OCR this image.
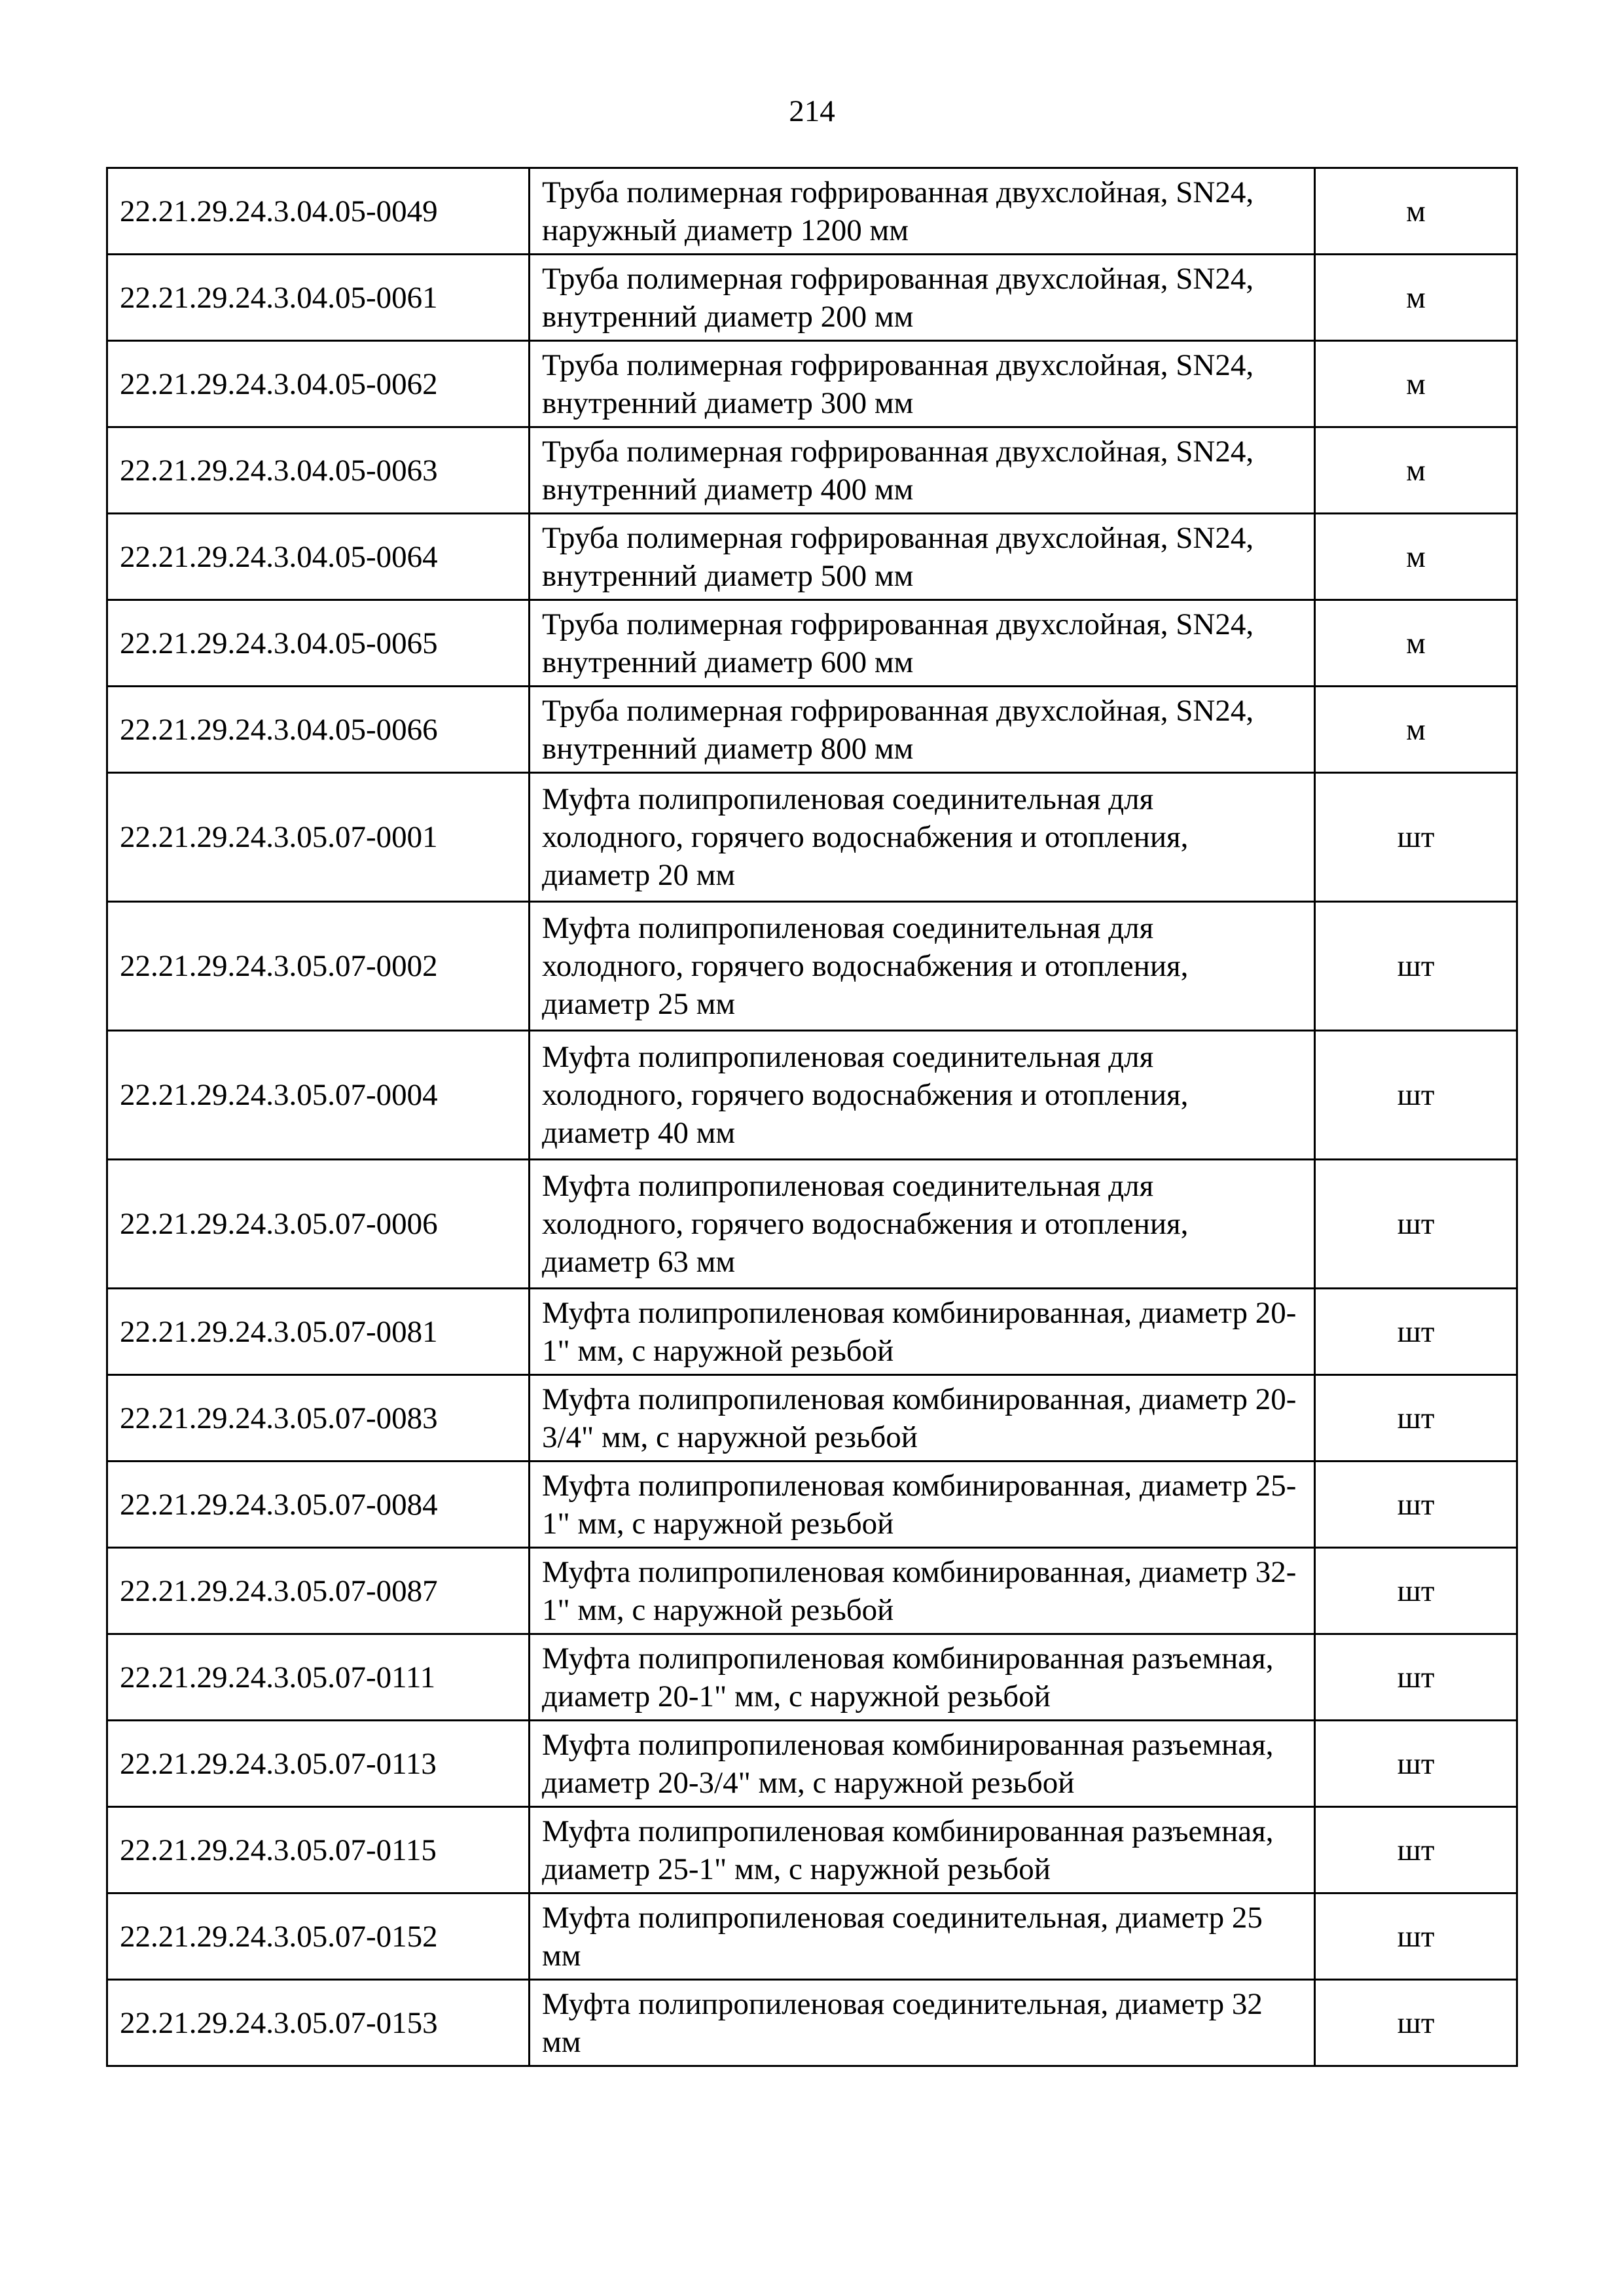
214
22.21.29.24.3.04.05-0049	Труба полимерная гофрированная двухслойная, SN24, наружный диаметр 1200 мм	м
22.21.29.24.3.04.05-0061	Труба полимерная гофрированная двухслойная, SN24, внутренний диаметр 200 мм	м
22.21.29.24.3.04.05-0062	Труба полимерная гофрированная двухслойная, SN24, внутренний диаметр 300 мм	м
22.21.29.24.3.04.05-0063	Труба полимерная гофрированная двухслойная, SN24, внутренний диаметр 400 мм	м
22.21.29.24.3.04.05-0064	Труба полимерная гофрированная двухслойная, SN24, внутренний диаметр 500 мм	м
22.21.29.24.3.04.05-0065	Труба полимерная гофрированная двухслойная, SN24, внутренний диаметр 600 мм	м
22.21.29.24.3.04.05-0066	Труба полимерная гофрированная двухслойная, SN24, внутренний диаметр 800 мм	м
22.21.29.24.3.05.07-0001	Муфта полипропиленовая соединительная для холодного, горячего водоснабжения и отопления, диаметр 20 мм	шт
22.21.29.24.3.05.07-0002	Муфта полипропиленовая соединительная для холодного, горячего водоснабжения и отопления, диаметр 25 мм	шт
22.21.29.24.3.05.07-0004	Муфта полипропиленовая соединительная для холодного, горячего водоснабжения и отопления, диаметр 40 мм	шт
22.21.29.24.3.05.07-0006	Муфта полипропиленовая соединительная для холодного, горячего водоснабжения и отопления, диаметр 63 мм	шт
22.21.29.24.3.05.07-0081	Муфта полипропиленовая комбинированная, диаметр 20-1" мм, с наружной резьбой	шт
22.21.29.24.3.05.07-0083	Муфта полипропиленовая комбинированная, диаметр 20-3/4" мм, с наружной резьбой	шт
22.21.29.24.3.05.07-0084	Муфта полипропиленовая комбинированная, диаметр 25-1" мм, с наружной резьбой	шт
22.21.29.24.3.05.07-0087	Муфта полипропиленовая комбинированная, диаметр 32-1" мм, с наружной резьбой	шт
22.21.29.24.3.05.07-0111	Муфта полипропиленовая комбинированная разъемная, диаметр 20-1" мм, с наружной резьбой	шт
22.21.29.24.3.05.07-0113	Муфта полипропиленовая комбинированная разъемная, диаметр 20-3/4" мм, с наружной резьбой	шт
22.21.29.24.3.05.07-0115	Муфта полипропиленовая комбинированная разъемная, диаметр 25-1" мм, с наружной резьбой	шт
22.21.29.24.3.05.07-0152	Муфта полипропиленовая соединительная, диаметр 25 мм	шт
22.21.29.24.3.05.07-0153	Муфта полипропиленовая соединительная, диаметр 32 мм	шт
